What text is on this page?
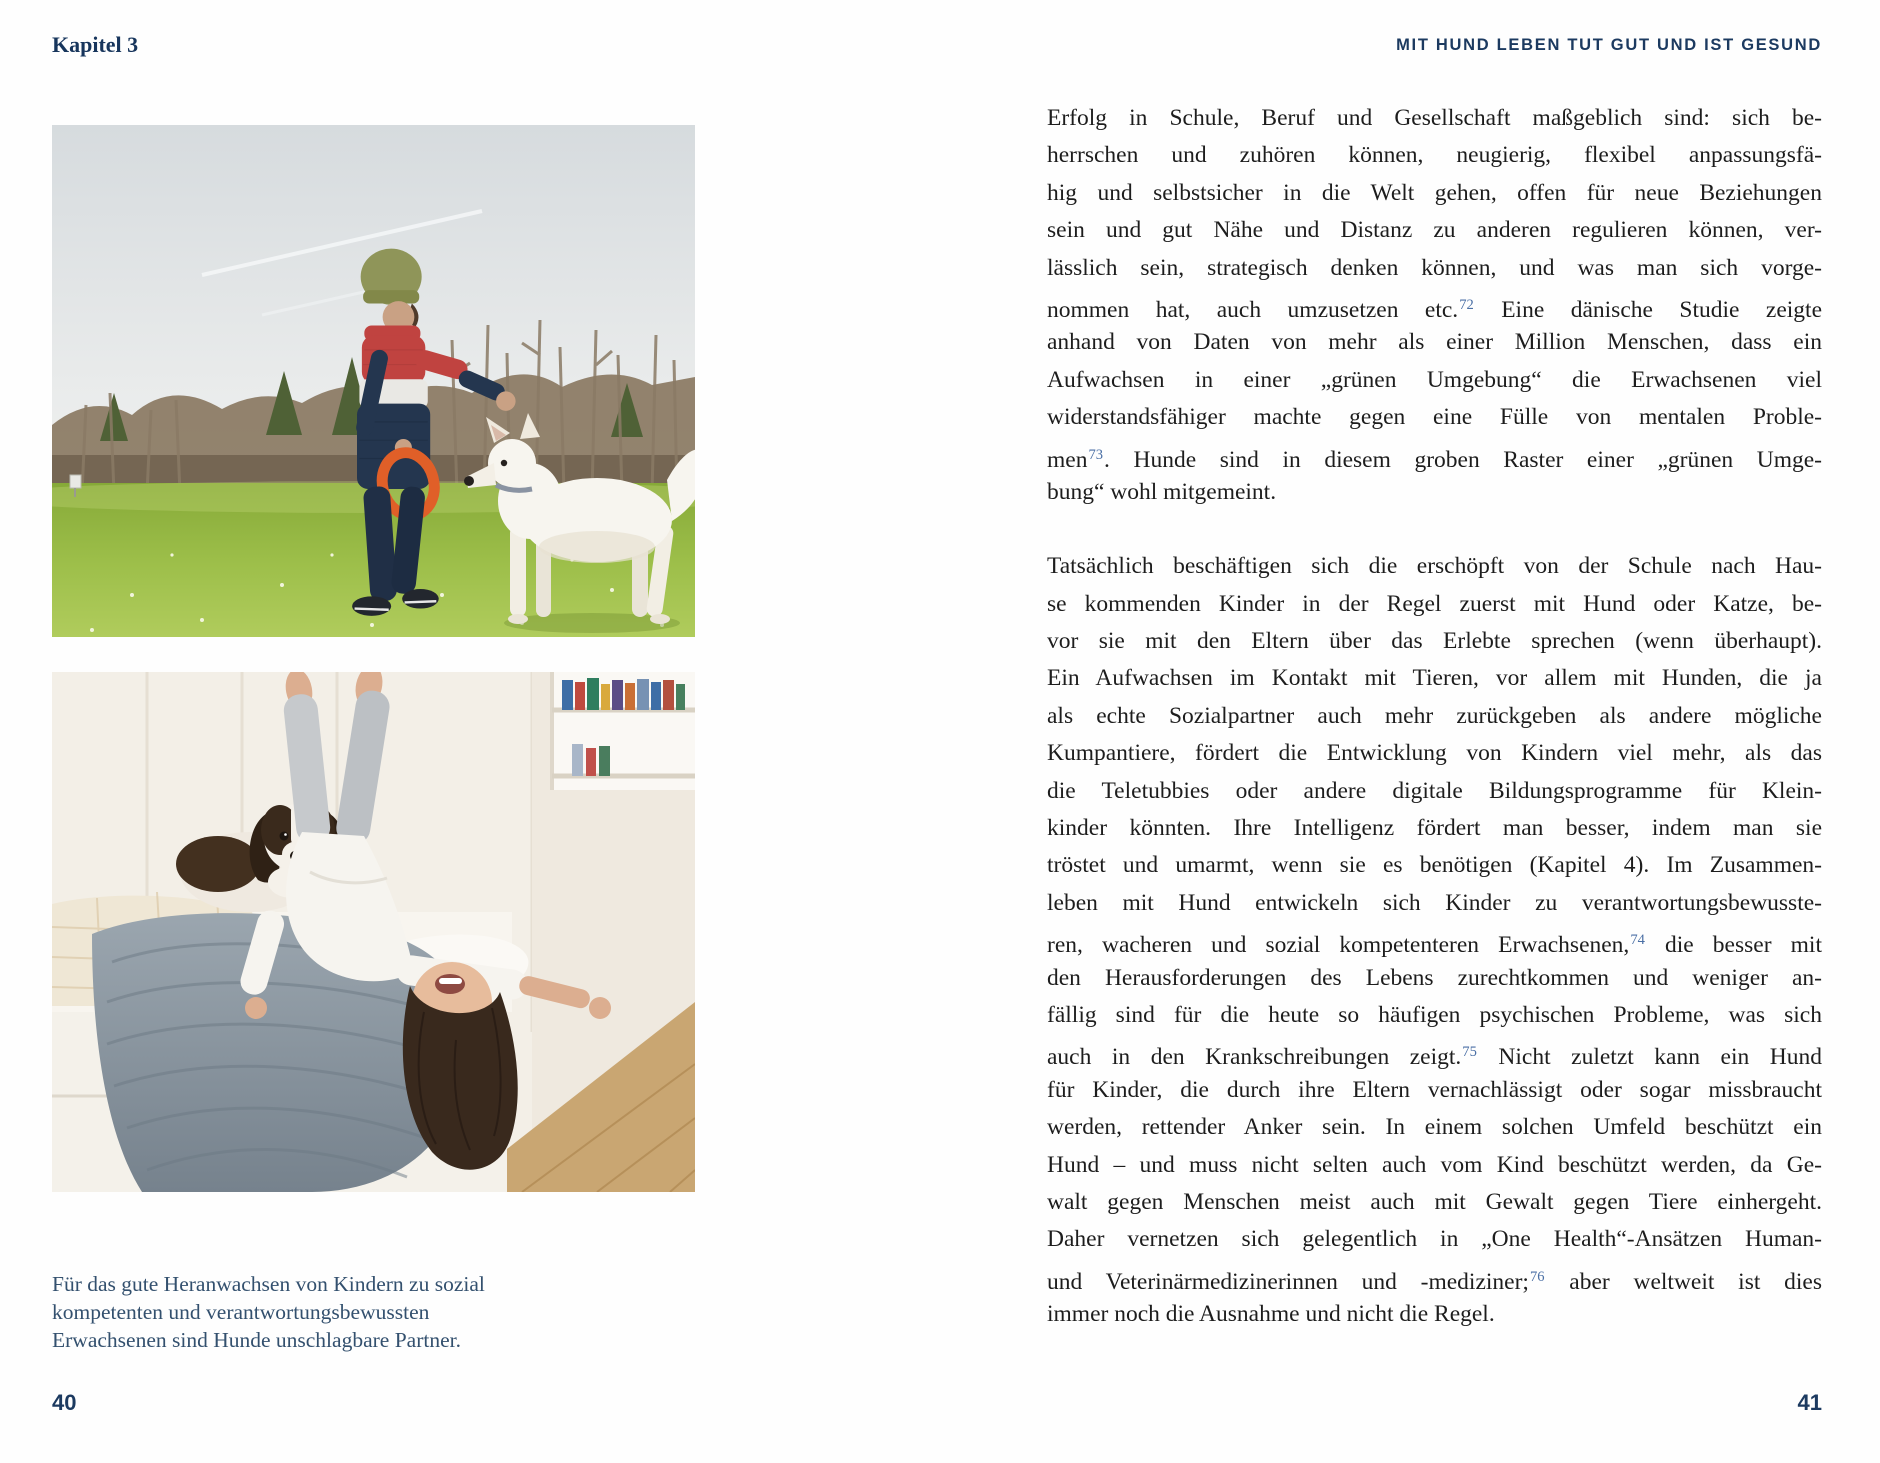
Kapitel 3	MIT HUND LEBEN TUT GUT UND IST GESUND
Für das gute Heranwachsen von Kindern zu sozial
kompetenten und verantwortungsbewussten
Erwachsenen sind Hunde unschlagbare Partner.
Erfolg in Schule, Beruf und Gesellschaft maßgeblich sind: sich be-
herrschen und zuhören können, neugierig, flexibel anpassungsfä-
hig und selbstsicher in die Welt gehen, offen für neue Beziehungen
sein und gut Nähe und Distanz zu anderen regulieren können, ver-
lässlich sein, strategisch denken können, und was man sich vorge-
nommen hat, auch umzusetzen etc.$^{72}$ Eine dänische Studie zeigte
anhand von Daten von mehr als einer Million Menschen, dass ein
Aufwachsen in einer „grünen Umgebung“ die Erwachsenen viel
widerstandsfähiger machte gegen eine Fülle von mentalen Proble-
men$^{73}$. Hunde sind in diesem groben Raster einer „grünen Umge-
bung“ wohl mitgemeint.
Tatsächlich beschäftigen sich die erschöpft von der Schule nach Hau-
se kommenden Kinder in der Regel zuerst mit Hund oder Katze, be-
vor sie mit den Eltern über das Erlebte sprechen (wenn überhaupt).
Ein Aufwachsen im Kontakt mit Tieren, vor allem mit Hunden, die ja
als echte Sozialpartner auch mehr zurückgeben als andere mögliche
Kumpantiere, fördert die Entwicklung von Kindern viel mehr, als das
die Teletubbies oder andere digitale Bildungsprogramme für Klein-
kinder könnten. Ihre Intelligenz fördert man besser, indem man sie
tröstet und umarmt, wenn sie es benötigen (Kapitel 4). Im Zusammen-
leben mit Hund entwickeln sich Kinder zu verantwortungsbewusste-
ren, wacheren und sozial kompetenteren Erwachsenen,$^{74}$ die besser mit
den Herausforderungen des Lebens zurechtkommen und weniger an-
fällig sind für die heute so häufigen psychischen Probleme, was sich
auch in den Krankschreibungen zeigt.$^{75}$ Nicht zuletzt kann ein Hund
für Kinder, die durch ihre Eltern vernachlässigt oder sogar missbraucht
werden, rettender Anker sein. In einem solchen Umfeld beschützt ein
Hund – und muss nicht selten auch vom Kind beschützt werden, da Ge-
walt gegen Menschen meist auch mit Gewalt gegen Tiere einhergeht.
Daher vernetzen sich gelegentlich in „One Health“-Ansätzen Human-
und Veterinärmedizinerinnen und -mediziner;$^{76}$ aber weltweit ist dies
immer noch die Ausnahme und nicht die Regel.
40	41
